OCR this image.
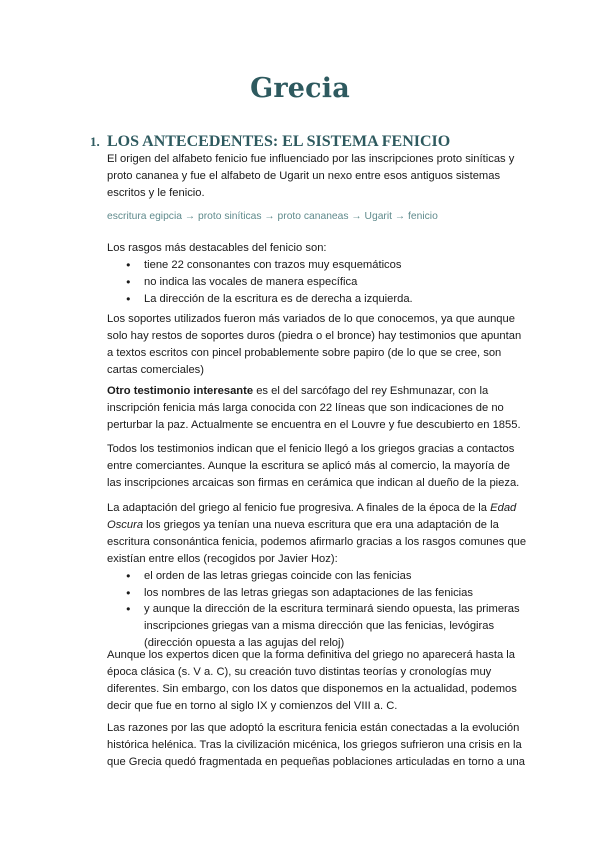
Grecia
1. LOS ANTECEDENTES: EL SISTEMA FENICIO

El origen del alfabeto fenicio fue influenciado por las inscripciones proto siníticas y proto cananea y fue el alfabeto de Ugarit un nexo entre esos antiguos sistemas escritos y le fenicio.

escritura egipcia → proto siníticas → proto cananeas → Ugarit → fenicio

Los rasgos más destacables del fenicio son:

● tiene 22 consonantes con trazos muy esquemáticos
● no indica las vocales de manera específica
● La dirección de la escritura es de derecha a izquierda.

Los soportes utilizados fueron más variados de lo que conocemos, ya que aunque solo hay restos de soportes duros (piedra o el bronce) hay testimonios que apuntan a textos escritos con pincel probablemente sobre papiro (de lo que se cree, son cartas comerciales)

Otro testimonio interesante es el del sarcófago del rey Eshmunazar, con la inscripción fenicia más larga conocida con 22 líneas que son indicaciones de no perturbar la paz. Actualmente se encuentra en el Louvre y fue descubierto en 1855.

Todos los testimonios indican que el fenicio llegó a los griegos gracias a contactos entre comerciantes. Aunque la escritura se aplicó más al comercio, la mayoría de las inscripciones arcaicas son firmas en cerámica que indican al dueño de la pieza.

La adaptación del griego al fenicio fue progresiva. A finales de la época de la Edad Oscura los griegos ya tenían una nueva escritura que era una adaptación de la escritura consonántica fenicia, podemos afirmarlo gracias a los rasgos comunes que existían entre ellos (recogidos por Javier Hoz):

● el orden de las letras griegas coincide con las fenicias
● los nombres de las letras griegas son adaptaciones de las fenicias
● y aunque la dirección de la escritura terminará siendo opuesta, las primeras inscripciones griegas van a misma dirección que las fenicias, levógiras (dirección opuesta a las agujas del reloj)

Aunque los expertos dicen que la forma definitiva del griego no aparecerá hasta la época clásica (s. V a. C), su creación tuvo distintas teorías y cronologías muy diferentes. Sin embargo, con los datos que disponemos en la actualidad, podemos decir que fue en torno al siglo IX y comienzos del VIII a. C.

Las razones por las que adoptó la escritura fenicia están conectadas a la evolución histórica helénica. Tras la civilización micénica, los griegos sufrieron una crisis en la que Grecia quedó fragmentada en pequeñas poblaciones articuladas en torno a una
